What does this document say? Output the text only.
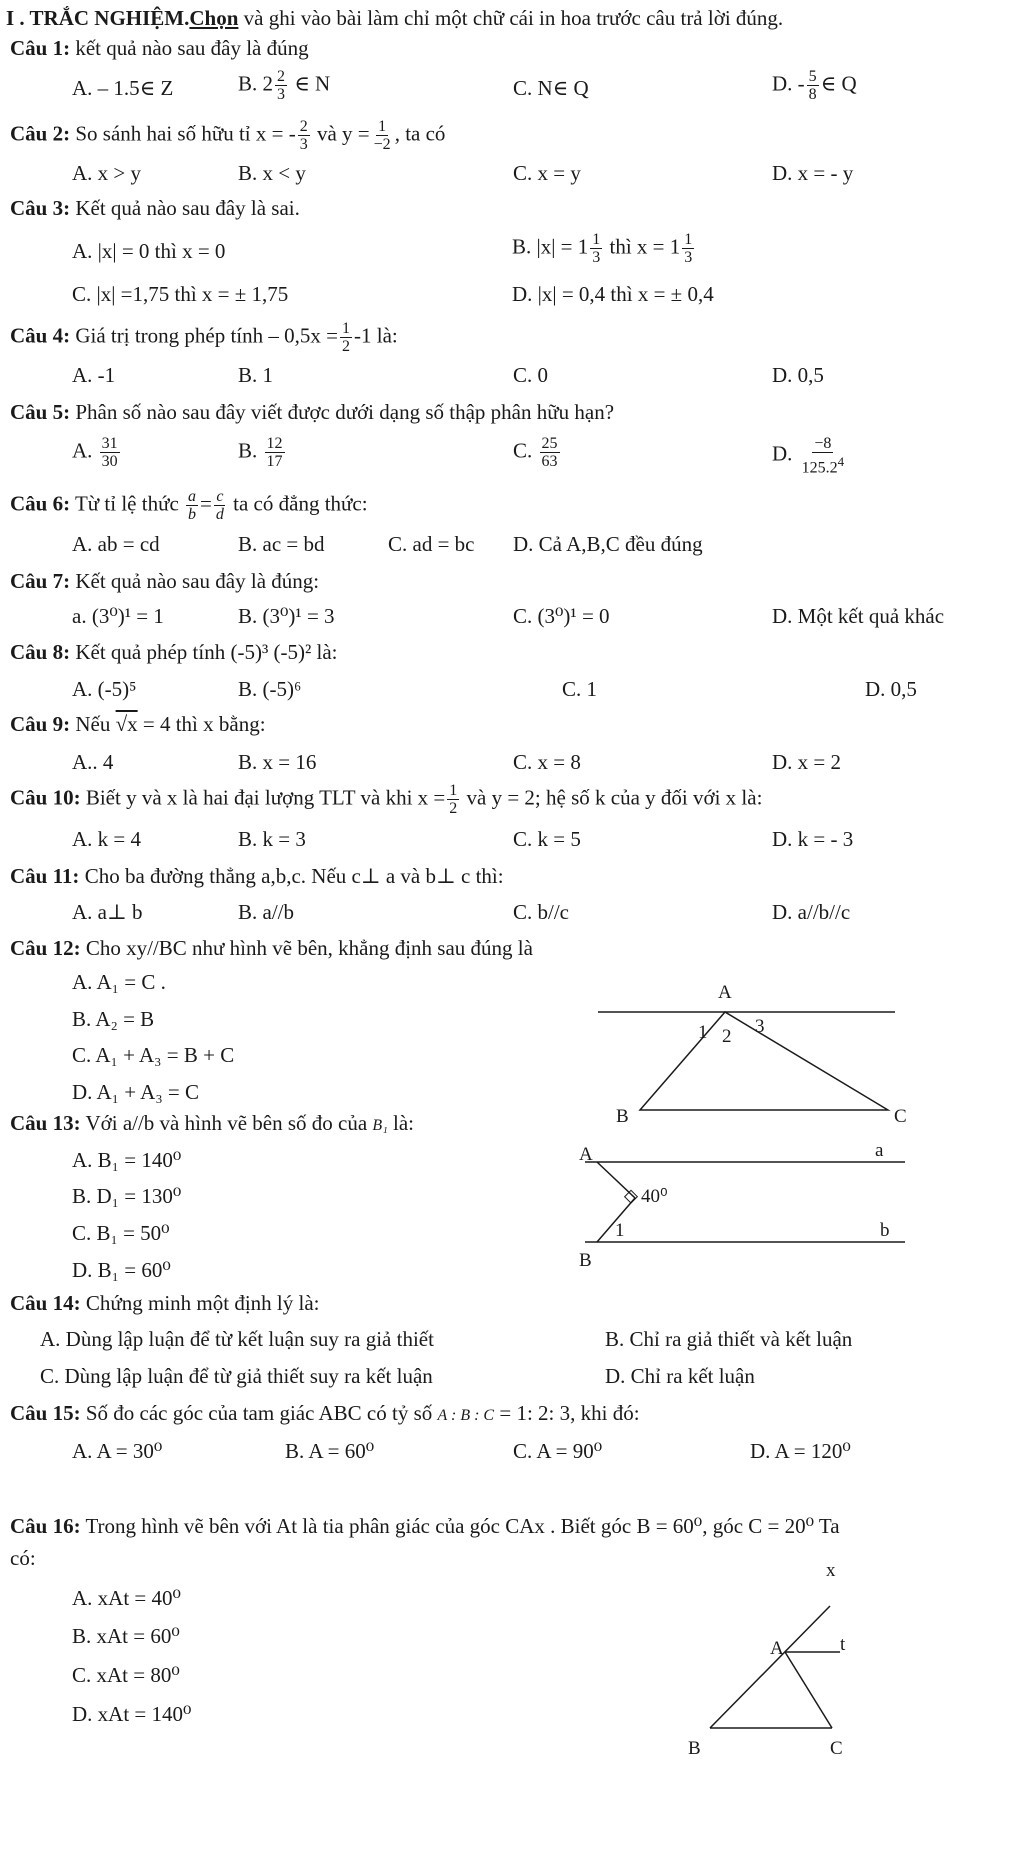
I . TRẮC NGHIỆM.Chọn và ghi vào bài làm chỉ một chữ cái in hoa trước câu trả lời đúng.
Câu 1: kết quả nào sau đây là đúng
A. – 1.5∈ Z	B. $2 \frac{2}{3}$ ∈ N	C. N∈ Q	D. - $\frac{5}{8}$ ∈ Q
Câu 2: So sánh hai số hữu tỉ x = - $\frac{2}{3}$ và $y = \frac{1}{-2}$ , ta có
A. x > y	B. x < y	C. x = y	D. x = - y
Câu 3: Kết quả nào sau đây là sai.
A. |x| = 0 thì x = 0	B. $|x| = 1 \frac{1}{3}$ thì $x = 1 \frac{1}{3}$
C. |x| =1,75 thì x = ± 1,75	D. |x| = 0,4 thì x = ± 0,4
Câu 4: Giá trị trong phép tính – $0,5x = \frac{1}{2} -1$ là:
A. -1	B. 1	C. 0	D. 0,5
Câu 5: Phân số nào sau đây viết được dưới dạng số thập phân hữu hạn?
A. $\frac{31}{30}$	B. $\frac{12}{17}$	C. $\frac{25}{63}$	D. $\frac{-8}{125.2^4}$
Câu 6: Từ tỉ lệ thức $\frac{a}{b} = \frac{c}{d}$ ta có đẳng thức:
A. ab = cd	B. ac = bd	C. ad = bc D. Cả A,B,C đều đúng
Câu 7: Kết quả nào sau đây là đúng:
a. (3⁰)¹ = 1	B. (3⁰)¹ = 3	C. (3⁰)¹ = 0	D. Một kết quả khác
Câu 8: Kết quả phép tính (-5)³ (-5)² là:
A. (-5)⁵	B. (-5)⁶	C. 1	D. 0,5
Câu 9: Nếu √x = 4 thì x bằng:
A.. 4	B. x = 16	C. x = 8	D. x = 2
Câu 10: Biết y và x là hai đại lượng TLT và khi $x = \frac{1}{2}$ và y = 2; hệ số k của y đối với x là:
A. k = 4	B. k = 3	C. k = 5	D. k = - 3
Câu 11: Cho ba đường thẳng a,b,c. Nếu c⊥ a và b⊥ c thì:
A. a⊥ b	B. a//b	C. b//c	D. a//b//c
Câu 12: Cho xy//BC như hình vẽ bên, khẳng định sau đúng là
A. A₁ = C .
B. A₂ = B
C. A₁ + A₃ = B + C
D. A₁ + A₃ = C
A
B	C
1 2 3
Câu 13: Với a//b và hình vẽ bên số đo của B₁ là:
A. B₁ = 140⁰
B. D₁ = 130⁰
C. B₁ = 50⁰
D. B₁ = 60⁰
A	a
40⁰
1	b
B
Câu 14: Chứng minh một định lý là:
A. Dùng lập luận để từ kết luận suy ra giả thiết	B. Chỉ ra giả thiết và kết luận
C. Dùng lập luận để từ giả thiết suy ra kết luận	D. Chỉ ra kết luận
Câu 15: Số đo các góc của tam giác ABC có tỷ số A : B : C = 1: 2: 3, khi đó:
A. A = 30⁰	B. A = 60⁰	C. A = 90⁰	D. A = 120⁰
Câu 16: Trong hình vẽ bên với At là tia phân giác của góc CAx . Biết góc B = 60⁰, góc C = 20⁰ Ta
có:
A. xAt = 40⁰
B. xAt = 60⁰
C. xAt = 80⁰
D. xAt = 140⁰
x
A	t
B	C
